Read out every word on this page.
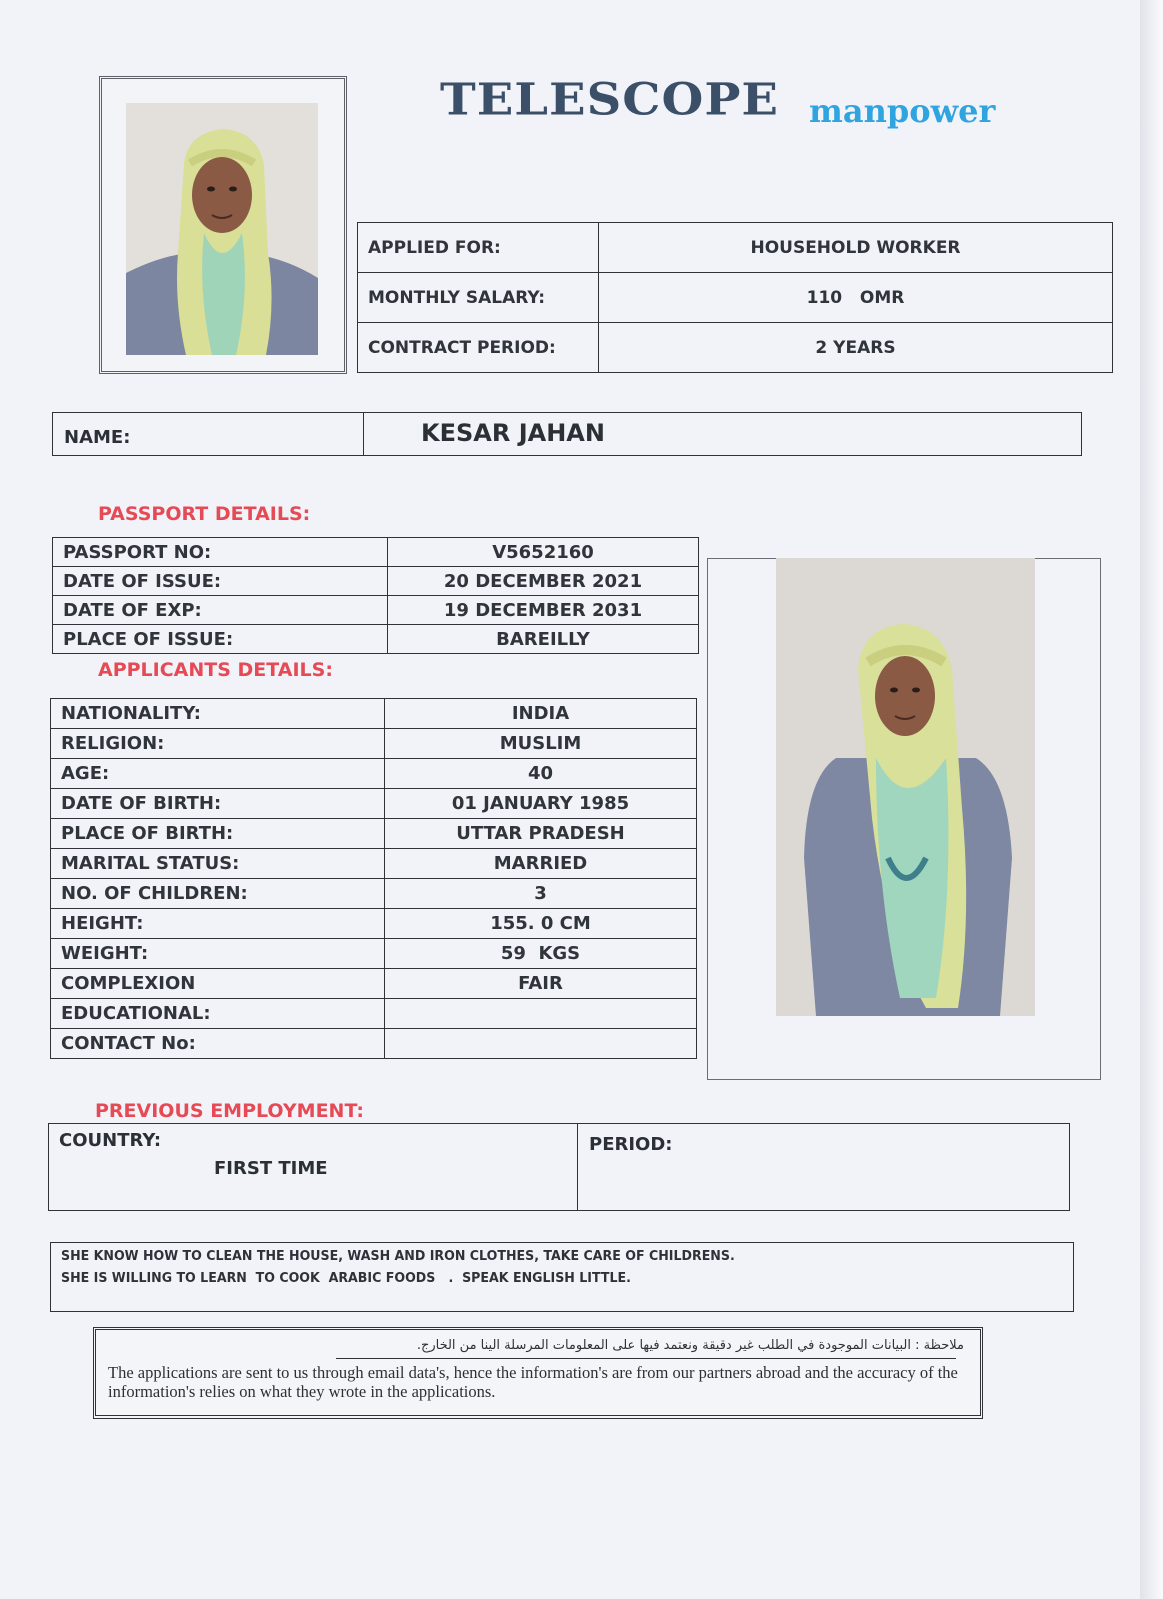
TELESCOPE manpower
APPLIED FOR:	HOUSEHOLD WORKER
MONTHLY SALARY:	110   OMR
CONTRACT PERIOD:	2 YEARS
NAME:	KESAR JAHAN
PASSPORT DETAILS:
PASSPORT NO:	V5652160
DATE OF ISSUE:	20 DECEMBER 2021
DATE OF EXP:	19 DECEMBER 2031
PLACE OF ISSUE:	BAREILLY
APPLICANTS DETAILS:
NATIONALITY:	INDIA
RELIGION:	MUSLIM
AGE:	40
DATE OF BIRTH:	01 JANUARY 1985
PLACE OF BIRTH:	UTTAR PRADESH
MARITAL STATUS:	MARRIED
NO. OF CHILDREN:	3
HEIGHT:	155. 0 CM
WEIGHT:	59  KGS
COMPLEXION	FAIR
EDUCATIONAL:	
CONTACT No:	
PREVIOUS EMPLOYMENT:
COUNTRY:
FIRST TIME
PERIOD:
SHE KNOW HOW TO CLEAN THE HOUSE, WASH AND IRON CLOTHES, TAKE CARE OF CHILDRENS.
SHE IS WILLING TO LEARN  TO COOK  ARABIC FOODS   .  SPEAK ENGLISH LITTLE.
ملاحظة : البيانات الموجودة في الطلب غير دقيقة ونعتمد فيها على المعلومات المرسلة الينا من الخارج.
The applications are sent to us through email data's, hence the information's are from our partners abroad and the accuracy of the information's relies on what they wrote in the applications.
